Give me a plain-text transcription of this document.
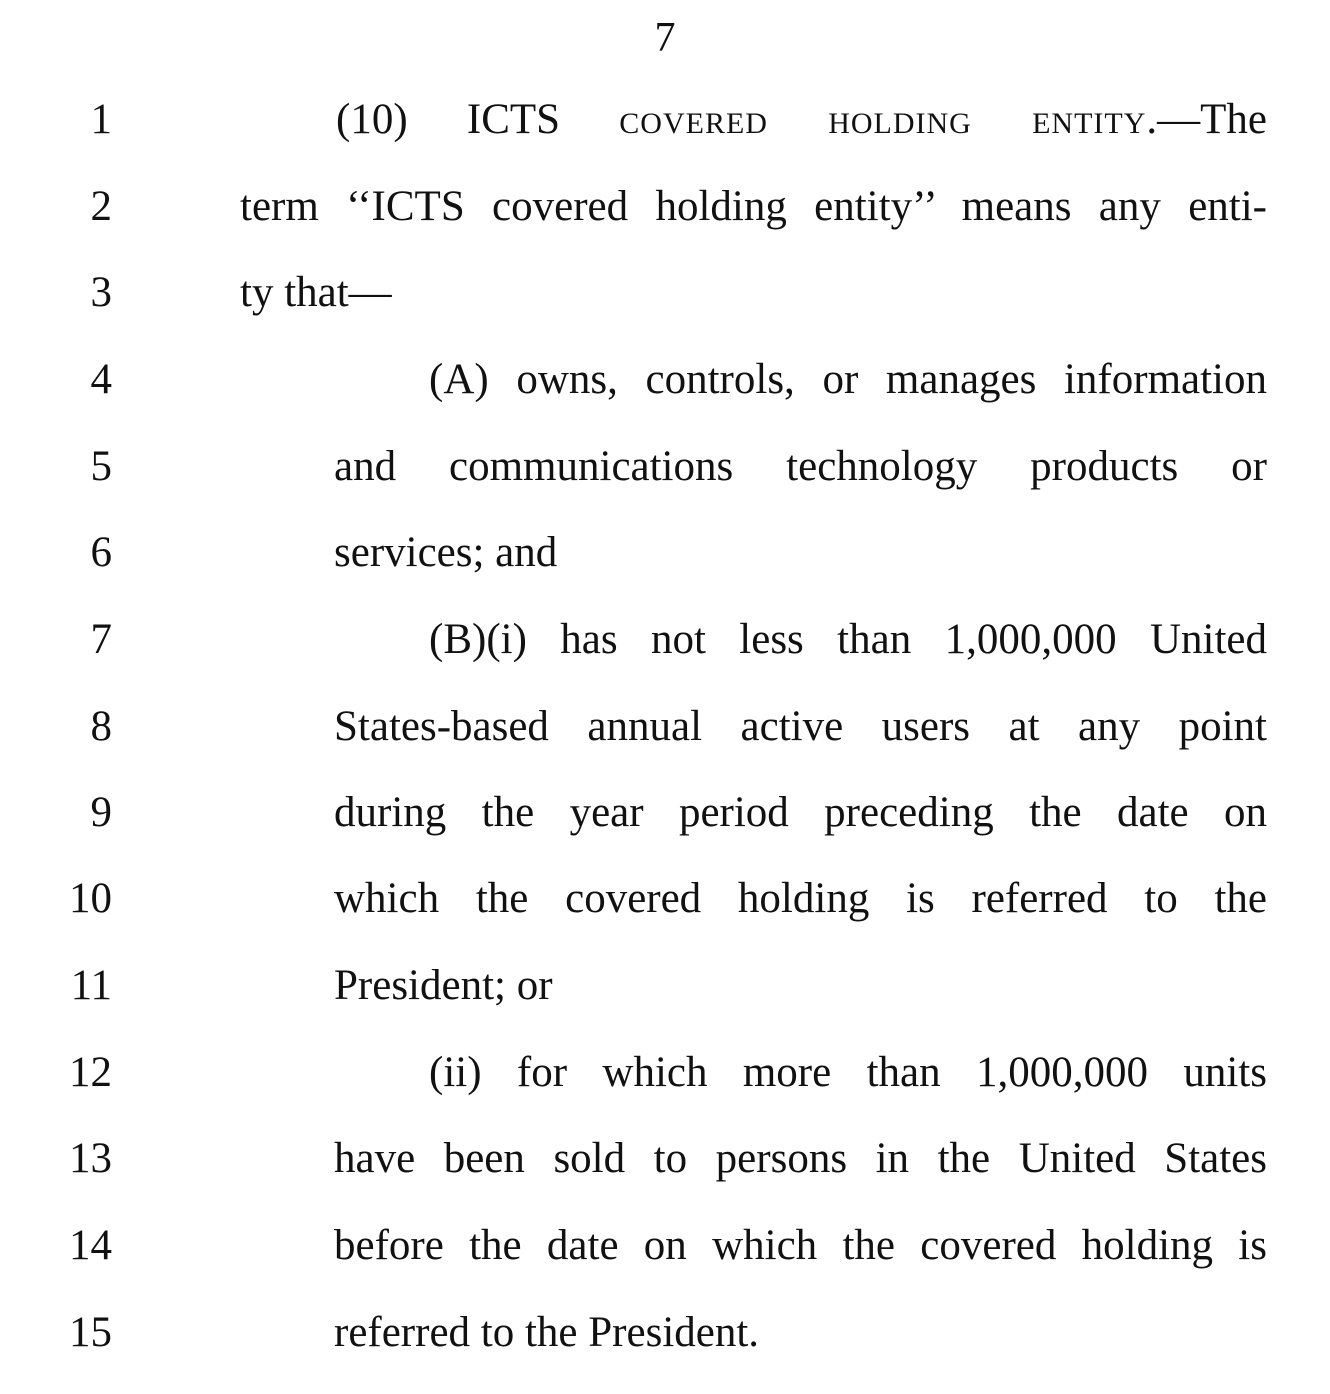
7
1	(10) ICTS covered holding entity.—The
2	term ‘‘ICTS covered holding entity’’ means any enti-
3	ty that—
4	(A) owns, controls, or manages information
5	and communications technology products or
6	services; and
7	(B)(i) has not less than 1,000,000 United
8	States-based annual active users at any point
9	during the year period preceding the date on
10	which the covered holding is referred to the
11	President; or
12	(ii) for which more than 1,000,000 units
13	have been sold to persons in the United States
14	before the date on which the covered holding is
15	referred to the President.
